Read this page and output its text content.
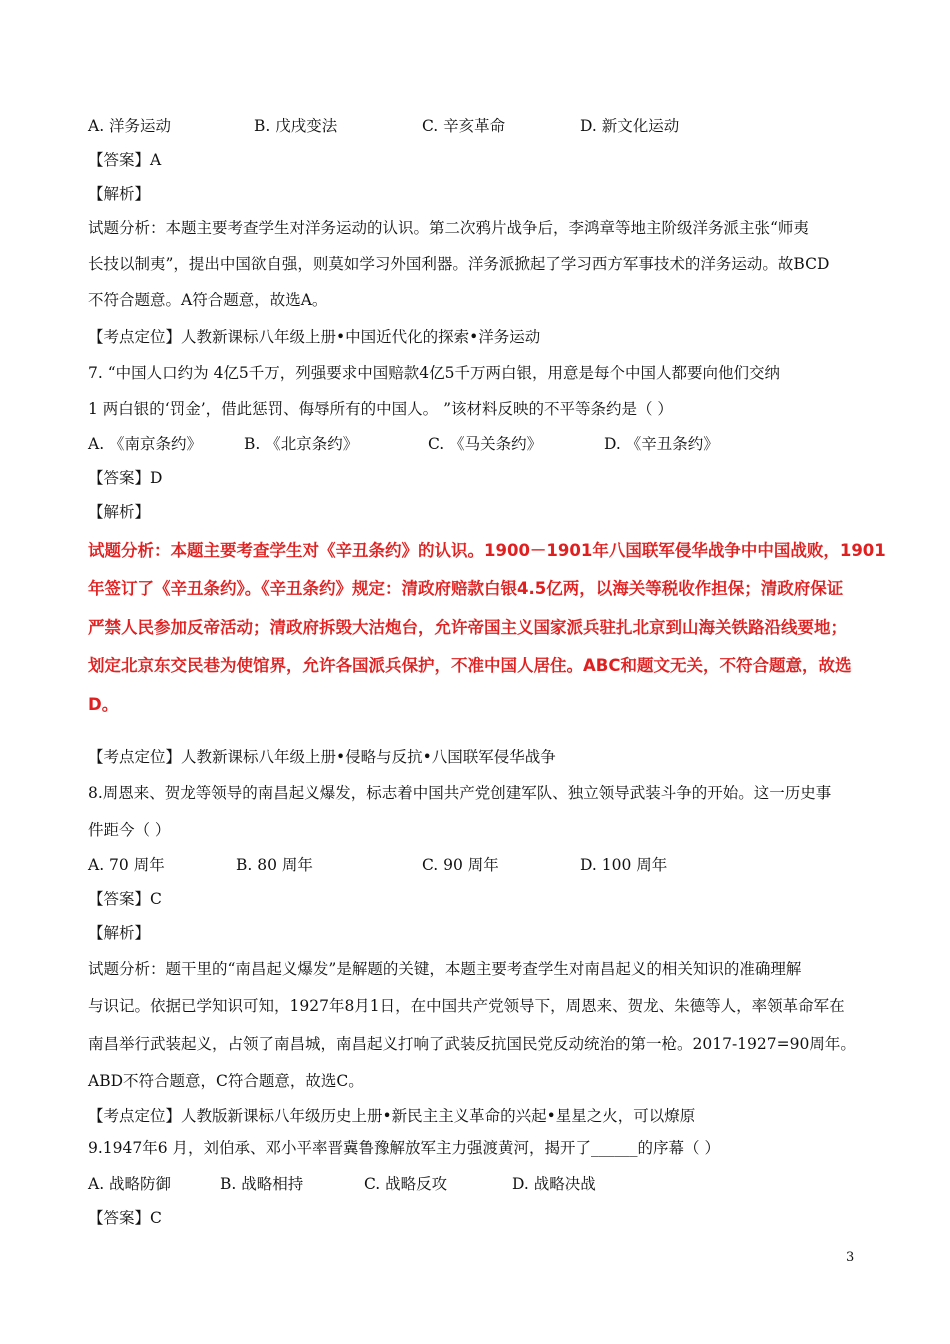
A. 洋务运动	B. 戊戌变法	C. 辛亥革命	D. 新文化运动
【答案】A
【解析】
试题分析：本题主要考查学生对洋务运动的认识。第二次鸦片战争后，李鸿章等地主阶级洋务派主张“师夷
长技以制夷”，提出中国欲自强，则莫如学习外国利器。洋务派掀起了学习西方军事技术的洋务运动。故BCD
不符合题意。A符合题意，故选A。
【考点定位】人教新课标八年级上册•中国近代化的探索•洋务运动
7. “中国人口约为 4亿5千万，列强要求中国赔款4亿5千万两白银，用意是每个中国人都要向他们交纳
1 两白银的‘罚金’，借此惩罚、侮辱所有的中国人。 ”该材料反映的不平等条约是（ ）
A. 《南京条约》	B. 《北京条约》	C. 《马关条约》	D. 《辛丑条约》
【答案】D
【解析】
试题分析：本题主要考查学生对《辛丑条约》的认识。1900－1901年八国联军侵华战争中中国战败，1901
年签订了《辛丑条约》。《辛丑条约》规定：清政府赔款白银4.5亿两，以海关等税收作担保；清政府保证
严禁人民参加反帝活动；清政府拆毁大沽炮台，允许帝国主义国家派兵驻扎北京到山海关铁路沿线要地；
划定北京东交民巷为使馆界，允许各国派兵保护，不准中国人居住。ABC和题文无关，不符合题意，故选
D。
【考点定位】人教新课标八年级上册•侵略与反抗•八国联军侵华战争
8.周恩来、贺龙等领导的南昌起义爆发，标志着中国共产党创建军队、独立领导武装斗争的开始。这一历史事
件距今（ ）
A. 70 周年	B. 80 周年	C. 90 周年	D. 100 周年
【答案】C
【解析】
试题分析：题干里的“南昌起义爆发”是解题的关键，本题主要考查学生对南昌起义的相关知识的准确理解
与识记。依据已学知识可知，1927年8月1日，在中国共产党领导下，周恩来、贺龙、朱德等人，率领革命军在
南昌举行武装起义，占领了南昌城，南昌起义打响了武装反抗国民党反动统治的第一枪。2017-1927=90周年。
ABD不符合题意，C符合题意，故选C。
【考点定位】人教版新课标八年级历史上册•新民主主义革命的兴起•星星之火，可以燎原
9.1947年6 月，刘伯承、邓小平率晋冀鲁豫解放军主力强渡黄河，揭开了______的序幕（ ）
A. 战略防御	B. 战略相持	C. 战略反攻	D. 战略决战
【答案】C
3
